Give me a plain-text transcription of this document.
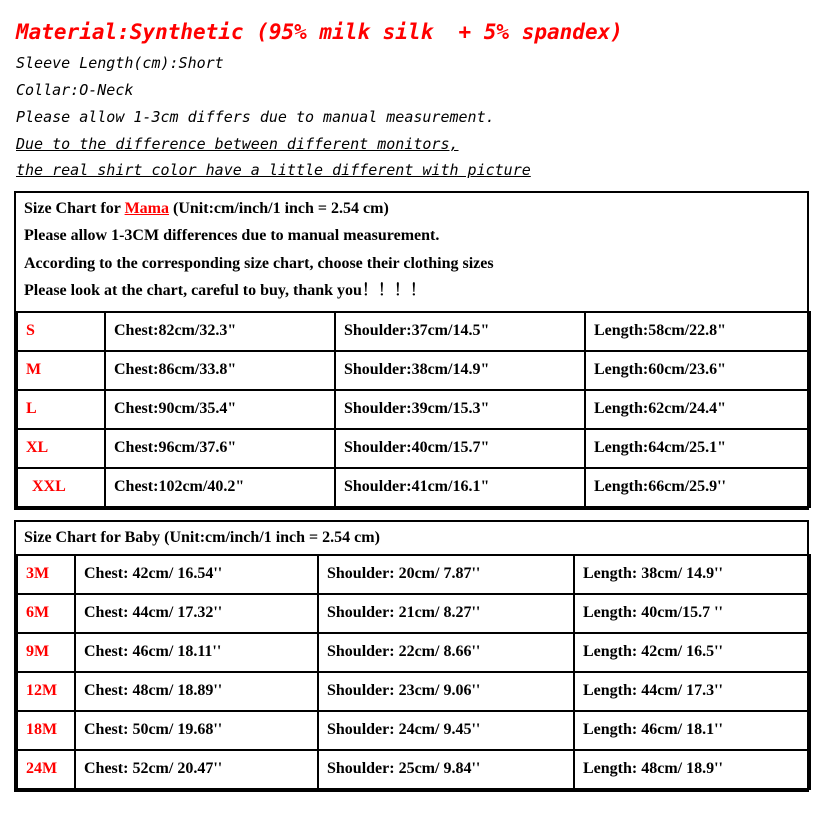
Material:Synthetic (95% milk silk  + 5% spandex)
Sleeve Length(cm):Short
Collar:O-Neck
Please allow 1-3cm differs due to manual measurement.
Due to the difference between different monitors,
the real shirt color have a little different with picture

Size Chart for Mama (Unit:cm/inch/1 inch = 2.54 cm)

Please allow 1-3CM differences due to manual measurement.

According to the corresponding size chart, choose their clothing sizes

Please look at the chart, careful to buy, thank you！！！！

S	Chest:82cm/32.3"	Shoulder:37cm/14.5"	Length:58cm/22.8"
M	Chest:86cm/33.8"	Shoulder:38cm/14.9"	Length:60cm/23.6"
L	Chest:90cm/35.4"	Shoulder:39cm/15.3"	Length:62cm/24.4"
XL	Chest:96cm/37.6"	Shoulder:40cm/15.7"	Length:64cm/25.1"
XXL	Chest:102cm/40.2"	Shoulder:41cm/16.1"	Length:66cm/25.9''
Size Chart for Baby (Unit:cm/inch/1 inch = 2.54 cm)
3M	Chest: 42cm/ 16.54''	Shoulder: 20cm/ 7.87''	Length: 38cm/ 14.9''
6M	Chest: 44cm/ 17.32''	Shoulder: 21cm/ 8.27''	Length: 40cm/15.7 ''
9M	Chest: 46cm/ 18.11''	Shoulder: 22cm/ 8.66''	Length: 42cm/ 16.5''
12M	Chest: 48cm/ 18.89''	Shoulder: 23cm/ 9.06''	Length: 44cm/ 17.3''
18M	Chest: 50cm/ 19.68''	Shoulder: 24cm/ 9.45''	Length: 46cm/ 18.1''
24M	Chest: 52cm/ 20.47''	Shoulder: 25cm/ 9.84''	Length: 48cm/ 18.9''
